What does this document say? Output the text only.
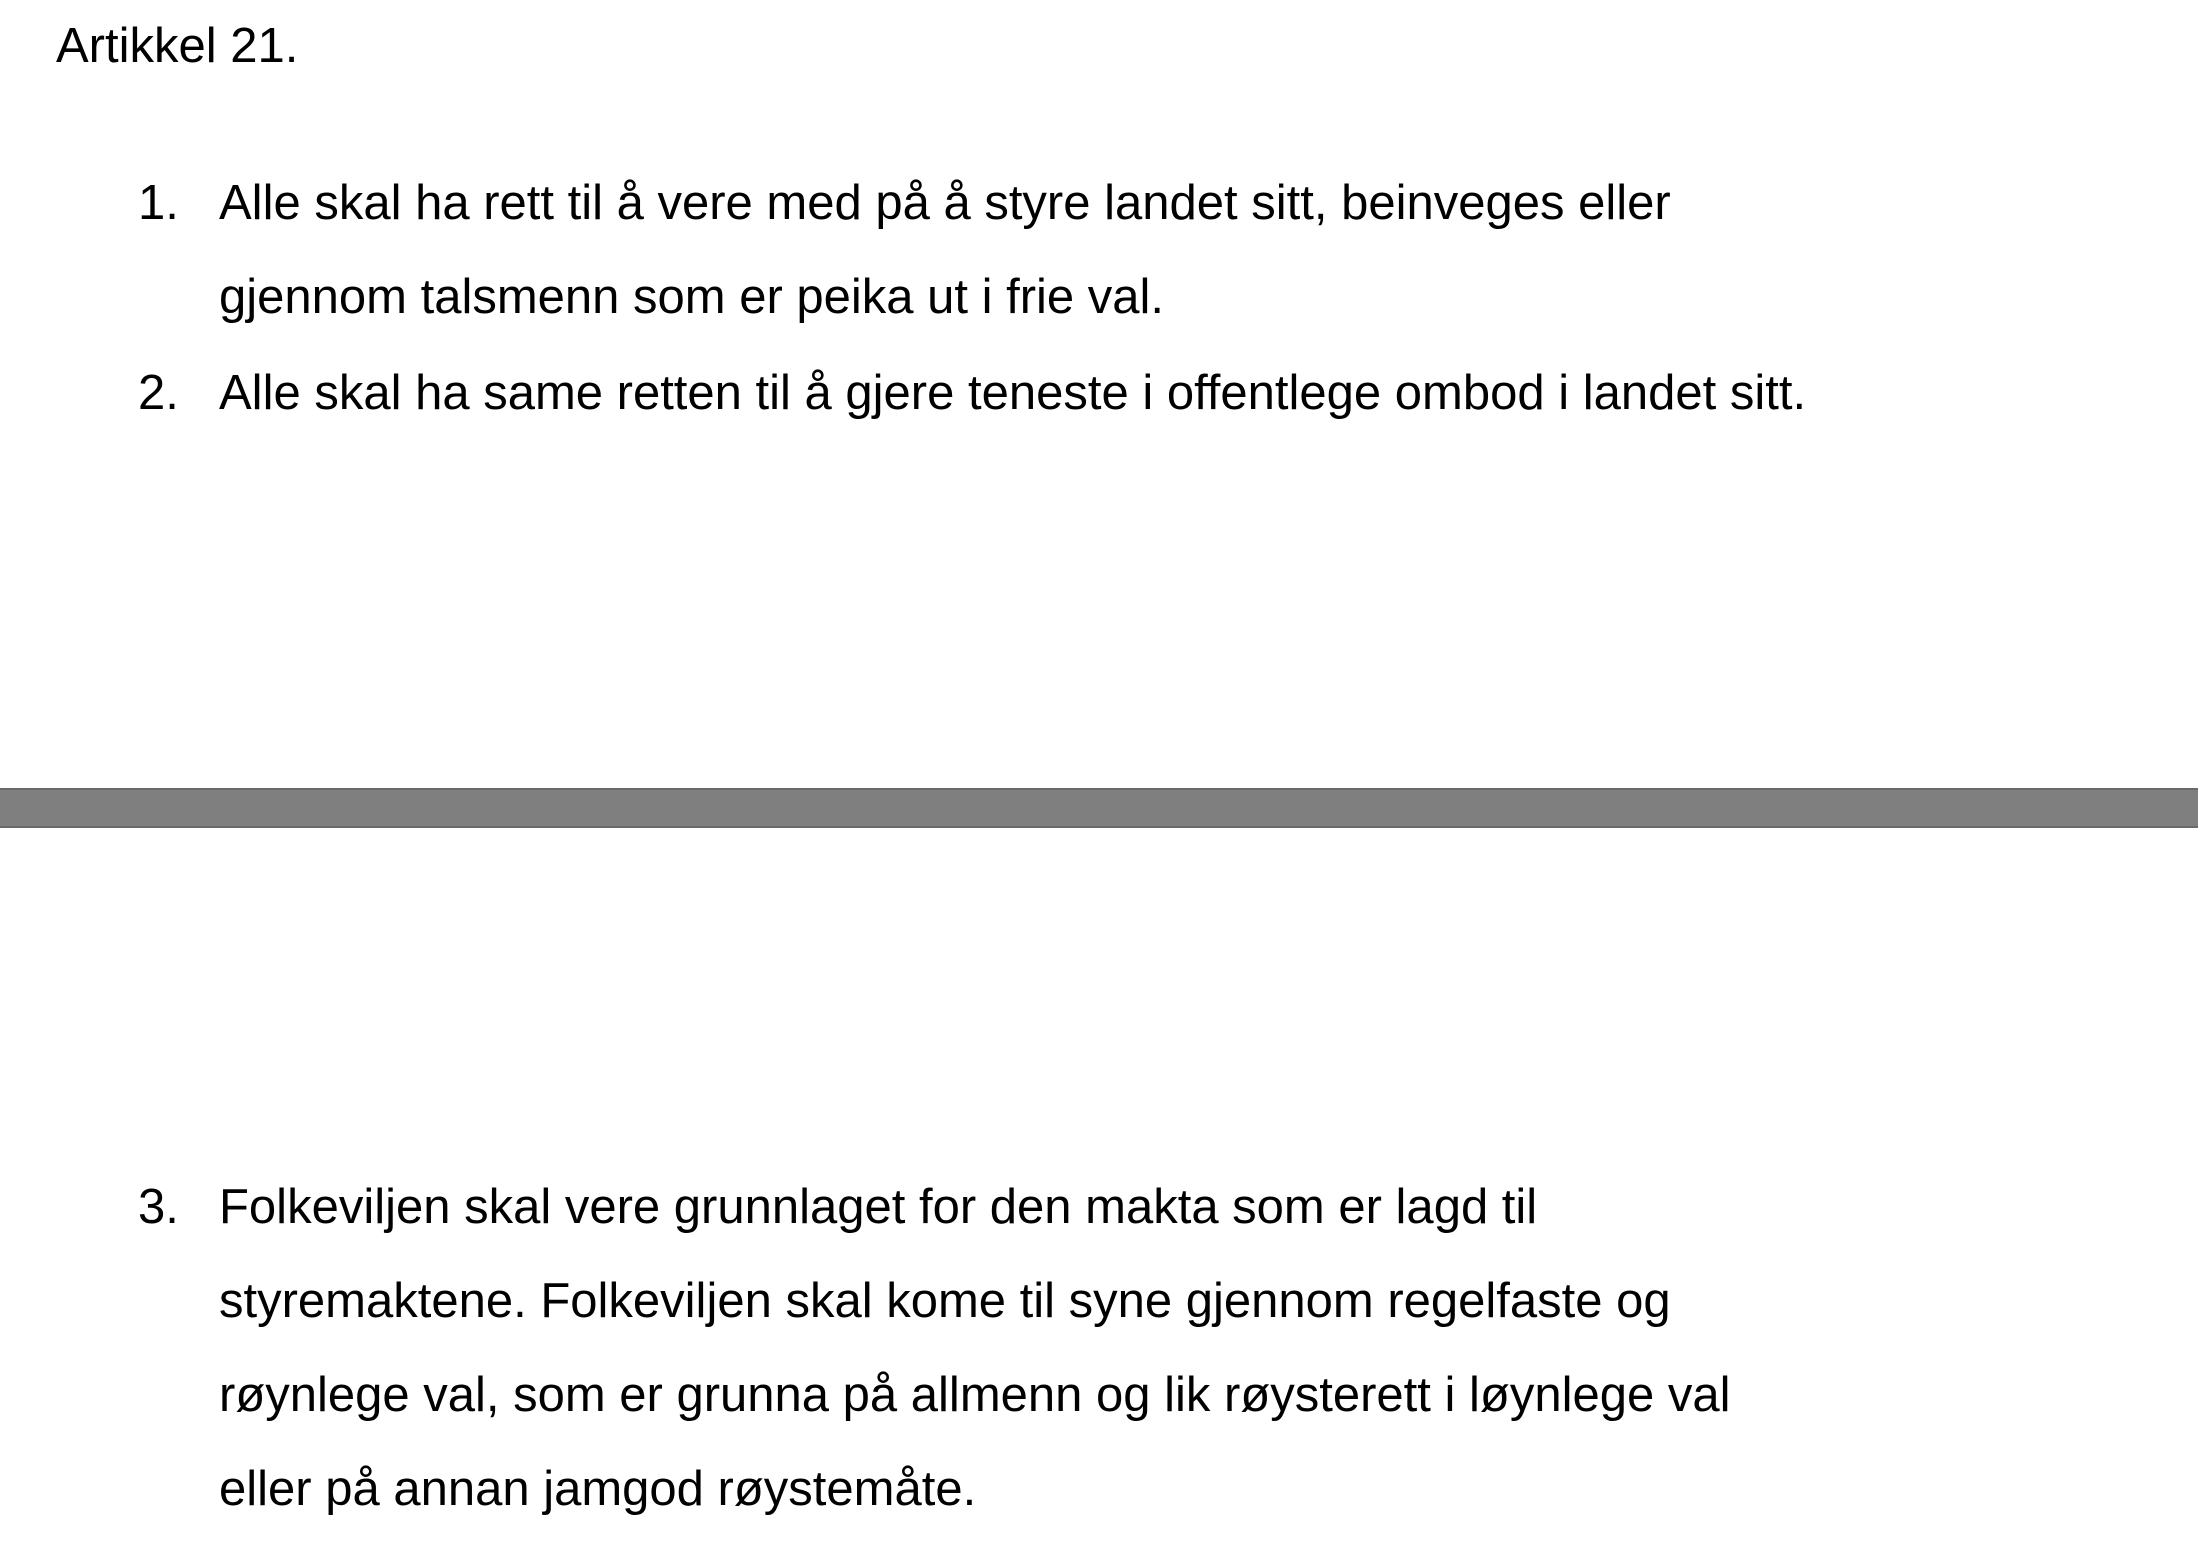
Artikkel 21.
1. Alle skal ha rett til å vere med på å styre landet sitt, beinveges eller
gjennom talsmenn som er peika ut i frie val.
2. Alle skal ha same retten til å gjere teneste i offentlege ombod i landet sitt.
3. Folkeviljen skal vere grunnlaget for den makta som er lagd til
styremaktene. Folkeviljen skal kome til syne gjennom regelfaste og
røynlege val, som er grunna på allmenn og lik røysterett i løynlege val
eller på annan jamgod røystemåte.
